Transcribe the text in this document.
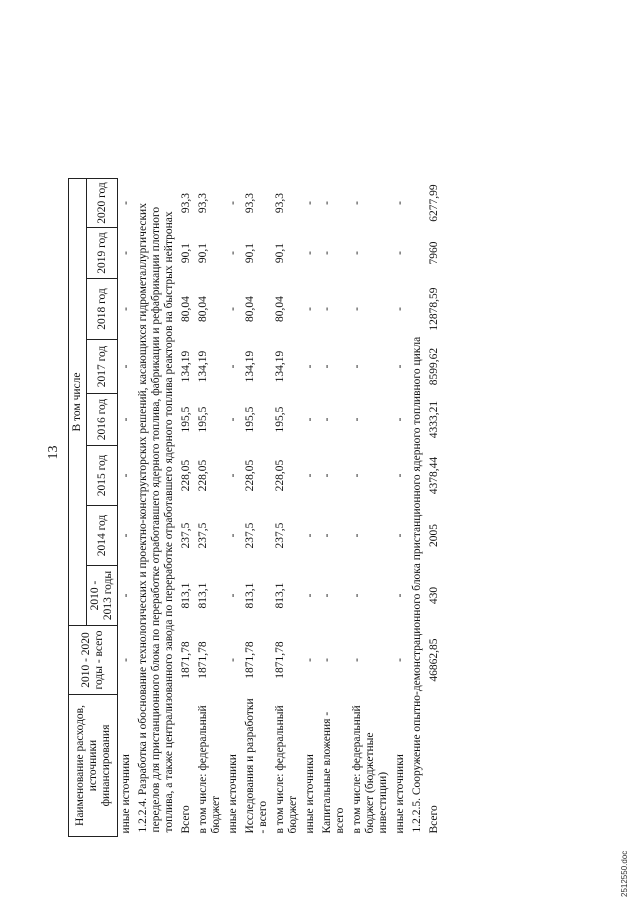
13
Наименование расходов, источники финансирования	2010 - 2020 годы - всего	В том числе							
		2010 - 2013 годы	2014 год	2015 год	2016 год	2017 год	2018 год	2019 год	2020 год

иные источники	-	-	-	-	-	-	-	-	-
1.2.2.4. Разработка и обоснование технологических и проектно-конструкторских решений, касающихся гидрометаллургических переделов для пристанционного блока по переработке отработавшего ядерного топлива, фабрикации и рефабрикации плотного топлива, а также централизованного завода по переработке отработавшего ядерного топлива реакторов на быстрых нейтронах									
Всего	1871,78	813,1	237,5	228,05	195,5	134,19	80,04	90,1	93,3
в том числе: федеральный бюджет	1871,78	813,1	237,5	228,05	195,5	134,19	80,04	90,1	93,3
иные источники	-	-	-	-	-	-	-	-	-
Исследования и разработки - всего	1871,78	813,1	237,5	228,05	195,5	134,19	80,04	90,1	93,3
в том числе: федеральный бюджет	1871,78	813,1	237,5	228,05	195,5	134,19	80,04	90,1	93,3
иные источники	-	-	-	-	-	-	-	-	-
Капитальные вложения - всего	-	-	-	-	-	-	-	-	-
в том числе: федеральный бюджет (бюджетные инвестиции)	-	-	-	-	-	-	-	-	-
иные источники	-	-	-	-	-	-	-	-	-
1.2.2.5. Сооружение опытно-демонстрационного блока пристанционного ядерного топливного цикла									
Всего	46862,85	430	2005	4378,44	4333,21	8599,62	12878,59	7960	6277,99
2512550.doc
